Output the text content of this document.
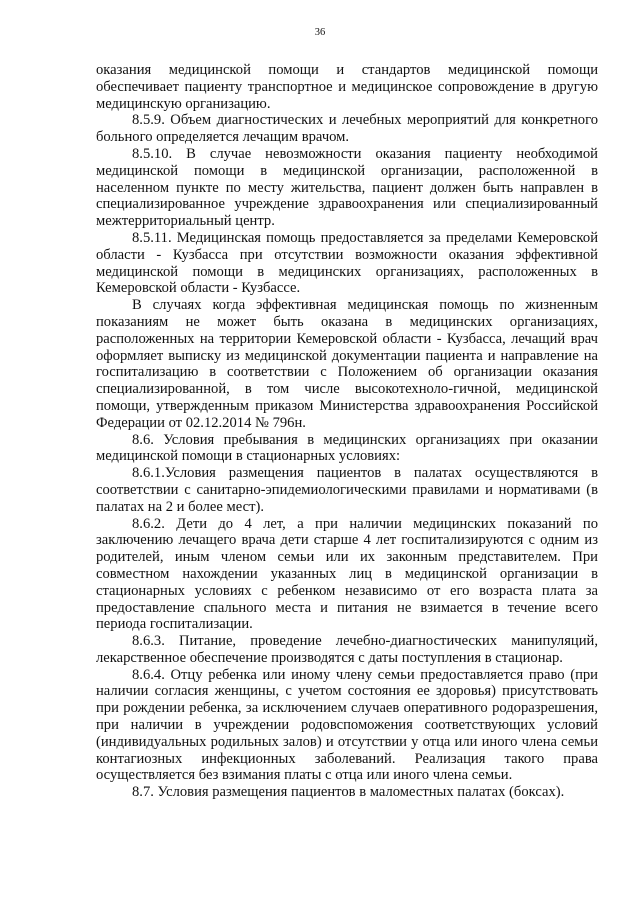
36

оказания медицинской помощи и стандартов медицинской помощи обеспечивает пациенту транспортное и медицинское сопровождение в другую медицинскую организацию.

8.5.9. Объем диагностических и лечебных мероприятий для конкретного больного определяется лечащим врачом.

8.5.10. В случае невозможности оказания пациенту необходимой медицинской помощи в медицинской организации, расположенной в населенном пункте по месту жительства, пациент должен быть направлен в специализированное учреждение здравоохранения или специализированный межтерриториальный центр.

8.5.11. Медицинская помощь предоставляется за пределами Кемеровской области - Кузбасса при отсутствии возможности оказания эффективной медицинской помощи в медицинских организациях, расположенных в Кемеровской области - Кузбассе.

В случаях когда эффективная медицинская помощь по жизненным показаниям не может быть оказана в медицинских организациях, расположенных на территории Кемеровской области - Кузбасса, лечащий врач оформляет выписку из медицинской документации пациента и направление на госпитализацию в соответствии с Положением об организации оказания специализированной, в том числе высокотехноло-гичной, медицинской помощи, утвержденным приказом Министерства здравоохранения Российской Федерации от 02.12.2014 № 796н.

8.6. Условия пребывания в медицинских организациях при оказании медицинской помощи в стационарных условиях:

8.6.1.Условия размещения пациентов в палатах осуществляются в соответствии с санитарно-эпидемиологическими правилами и нормативами (в палатах на 2 и более мест).

8.6.2. Дети до 4 лет, а при наличии медицинских показаний по заключению лечащего врача дети старше 4 лет госпитализируются с одним из родителей, иным членом семьи или их законным представителем. При совместном нахождении указанных лиц в медицинской организации в стационарных условиях с ребенком независимо от его возраста плата за предоставление спального места и питания не взимается в течение всего периода госпитализации.

8.6.3. Питание, проведение лечебно-диагностических манипуляций, лекарственное обеспечение производятся с даты поступления в стационар.

8.6.4. Отцу ребенка или иному члену семьи предоставляется право (при наличии согласия женщины, с учетом состояния ее здоровья) присутствовать при рождении ребенка, за исключением случаев оперативного родоразрешения, при наличии в учреждении родовспоможения соответствующих условий (индивидуальных родильных залов) и отсутствии у отца или иного члена семьи контагиозных инфекционных заболеваний. Реализация такого права осуществляется без взимания платы с отца или иного члена семьи.

8.7. Условия размещения пациентов в маломестных палатах (боксах).
